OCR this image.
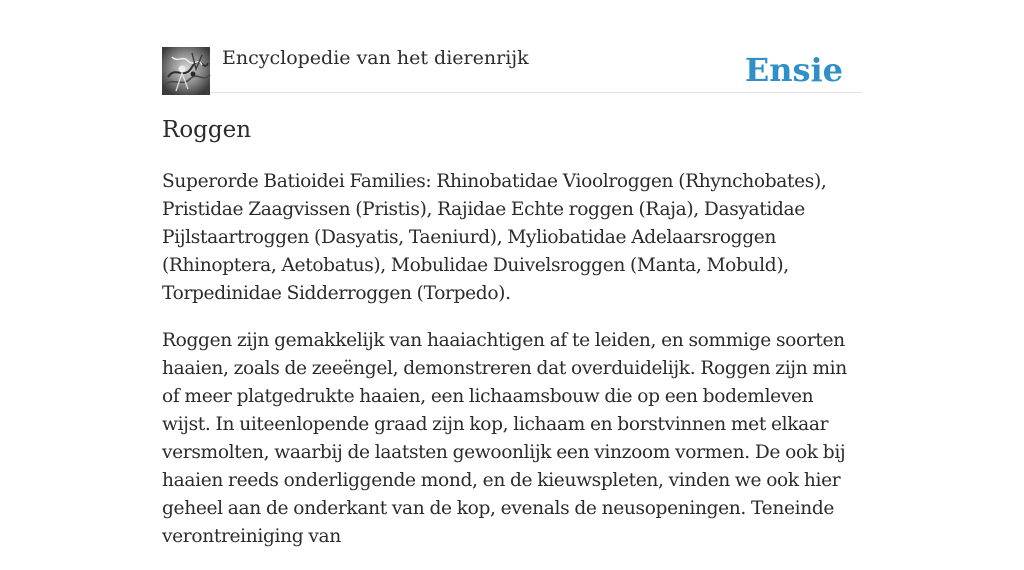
Encyclopedie van het dierenrijk	Ensie
Roggen

Superorde Batioidei Families: Rhinobatidae Vioolroggen (Rhynchobates), Pristidae Zaagvissen (Pristis), Rajidae Echte roggen (Raja), Dasyatidae Pijlstaartroggen (Dasyatis, Taeniurd), Myliobatidae Adelaarsroggen (Rhinoptera, Aetobatus), Mobulidae Duivelsroggen (Manta, Mobuld), Torpedinidae Sidderroggen (Torpedo).

Roggen zijn gemakkelijk van haaiachtigen af te leiden, en sommige soorten haaien, zoals de zeeëngel, demonstreren dat overduidelijk. Roggen zijn min of meer platgedrukte haaien, een lichaamsbouw die op een bodemleven wijst. In uiteenlopende graad zijn kop, lichaam en borstvinnen met elkaar versmolten, waarbij de laatsten gewoonlijk een vinzoom vormen. De ook bij haaien reeds onderliggende mond, en de kieuwspleten, vinden we ook hier geheel aan de onderkant van de kop, evenals de neusopeningen. Teneinde verontreiniging van
